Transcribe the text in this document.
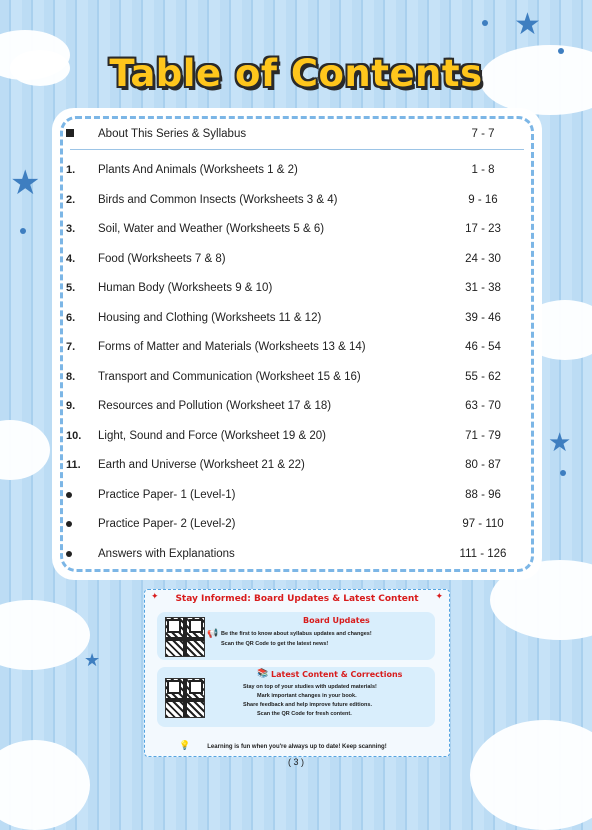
★
★
★
★
Table of Contents
About This Series & Syllabus	7 - 7
1.	Plants And Animals (Worksheets 1 & 2)	1 - 8
2.	Birds and Common Insects (Worksheets 3 & 4)	9 - 16
3.	Soil, Water and Weather (Worksheets 5 & 6)	17 - 23
4.	Food (Worksheets 7 & 8)	24 - 30
5.	Human Body (Worksheets 9 & 10)	31 - 38
6.	Housing and Clothing (Worksheets 11 & 12)	39 - 46
7.	Forms of Matter and Materials (Worksheets 13 & 14)	46 - 54
8.	Transport and Communication (Worksheet 15 & 16)	55 - 62
9.	Resources and Pollution (Worksheet 17 & 18)	63 - 70
10.	Light, Sound and Force (Worksheet 19 & 20)	71 - 79
11.	Earth and Universe (Worksheet 21 & 22)	80 - 87
Practice Paper- 1 (Level-1)	88 - 96
Practice Paper- 2 (Level-2)	97 - 110
Answers with Explanations	111 - 126
✦	Stay Informed: Board Updates & Latest Content	✦
📢
Board Updates
Be the first to know about syllabus updates and changes!
Scan the QR Code to get the latest news!
📚 Latest Content & Corrections
Stay on top of your studies with updated materials!
Mark important changes in your book.
Share feedback and help improve future editions.
Scan the QR Code for fresh content.
💡	Learning is fun when you're always up to date! Keep scanning!
( 3 )
